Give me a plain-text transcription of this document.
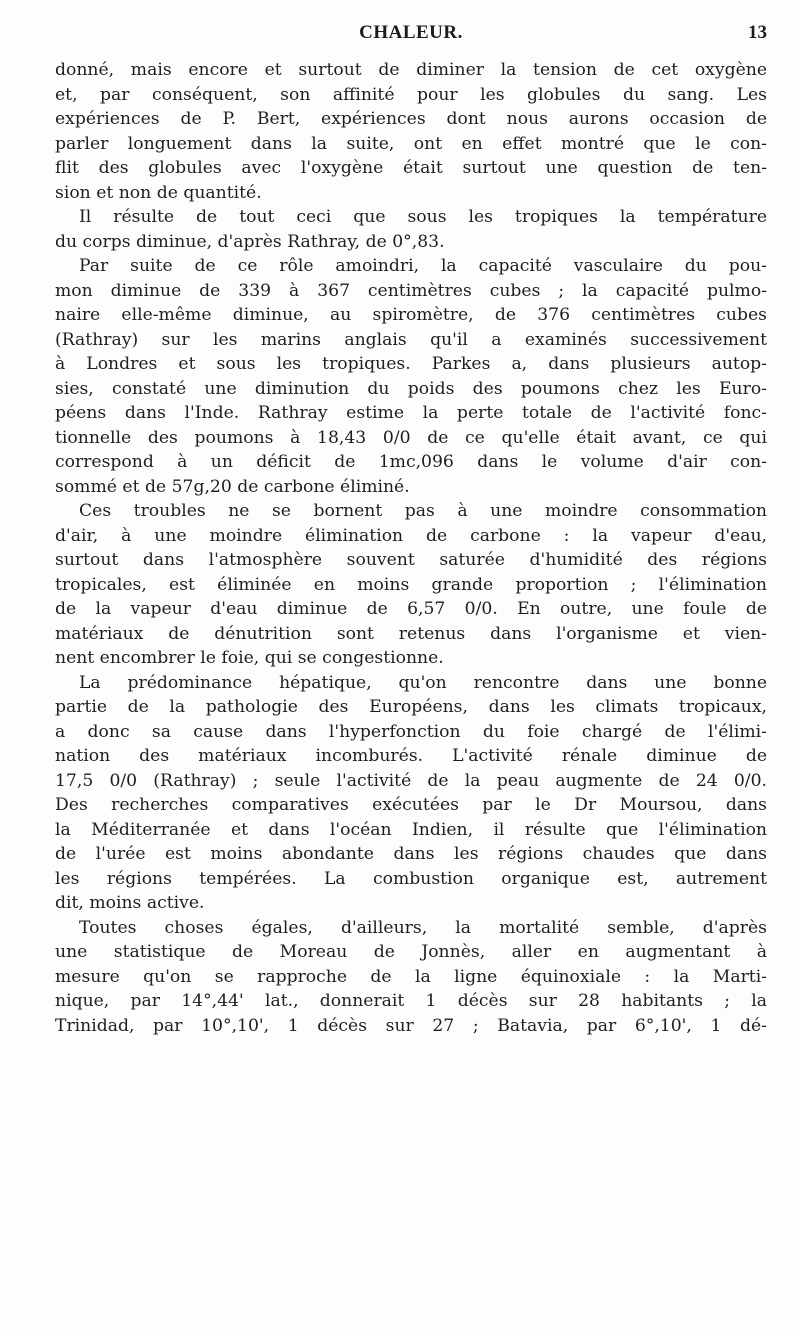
CHALEUR.	13
donné, mais encore et surtout de diminer la tension de cet oxygène
et, par conséquent, son affinité pour les globules du sang. Les
expériences de P. Bert, expériences dont nous aurons occasion de
parler longuement dans la suite, ont en effet montré que le con-
flit des globules avec l'oxygène était surtout une question de ten-
sion et non de quantité.
Il résulte de tout ceci que sous les tropiques la température
du corps diminue, d'après Rathray, de 0°,83.
Par suite de ce rôle amoindri, la capacité vasculaire du pou-
mon diminue de 339 à 367 centimètres cubes ; la capacité pulmo-
naire elle-même diminue, au spiromètre, de 376 centimètres cubes
(Rathray) sur les marins anglais qu'il a examinés successivement
à Londres et sous les tropiques. Parkes a, dans plusieurs autop-
sies, constaté une diminution du poids des poumons chez les Euro-
péens dans l'Inde. Rathray estime la perte totale de l'activité fonc-
tionnelle des poumons à 18,43 0/0 de ce qu'elle était avant, ce qui
correspond à un déficit de 1mc,096 dans le volume d'air con-
sommé et de 57g,20 de carbone éliminé.
Ces troubles ne se bornent pas à une moindre consommation
d'air, à une moindre élimination de carbone : la vapeur d'eau,
surtout dans l'atmosphère souvent saturée d'humidité des régions
tropicales, est éliminée en moins grande proportion ; l'élimination
de la vapeur d'eau diminue de 6,57 0/0. En outre, une foule de
matériaux de dénutrition sont retenus dans l'organisme et vien-
nent encombrer le foie, qui se congestionne.
La prédominance hépatique, qu'on rencontre dans une bonne
partie de la pathologie des Européens, dans les climats tropicaux,
a donc sa cause dans l'hyperfonction du foie chargé de l'élimi-
nation des matériaux incomburés. L'activité rénale diminue de
17,5 0/0 (Rathray) ; seule l'activité de la peau augmente de 24 0/0.
Des recherches comparatives exécutées par le Dr Moursou, dans
la Méditerranée et dans l'océan Indien, il résulte que l'élimination
de l'urée est moins abondante dans les régions chaudes que dans
les régions tempérées. La combustion organique est, autrement
dit, moins active.
Toutes choses égales, d'ailleurs, la mortalité semble, d'après
une statistique de Moreau de Jonnès, aller en augmentant à
mesure qu'on se rapproche de la ligne équinoxiale : la Marti-
nique, par 14°,44' lat., donnerait 1 décès sur 28 habitants ; la
Trinidad, par 10°,10', 1 décès sur 27 ; Batavia, par 6°,10', 1 dé-
